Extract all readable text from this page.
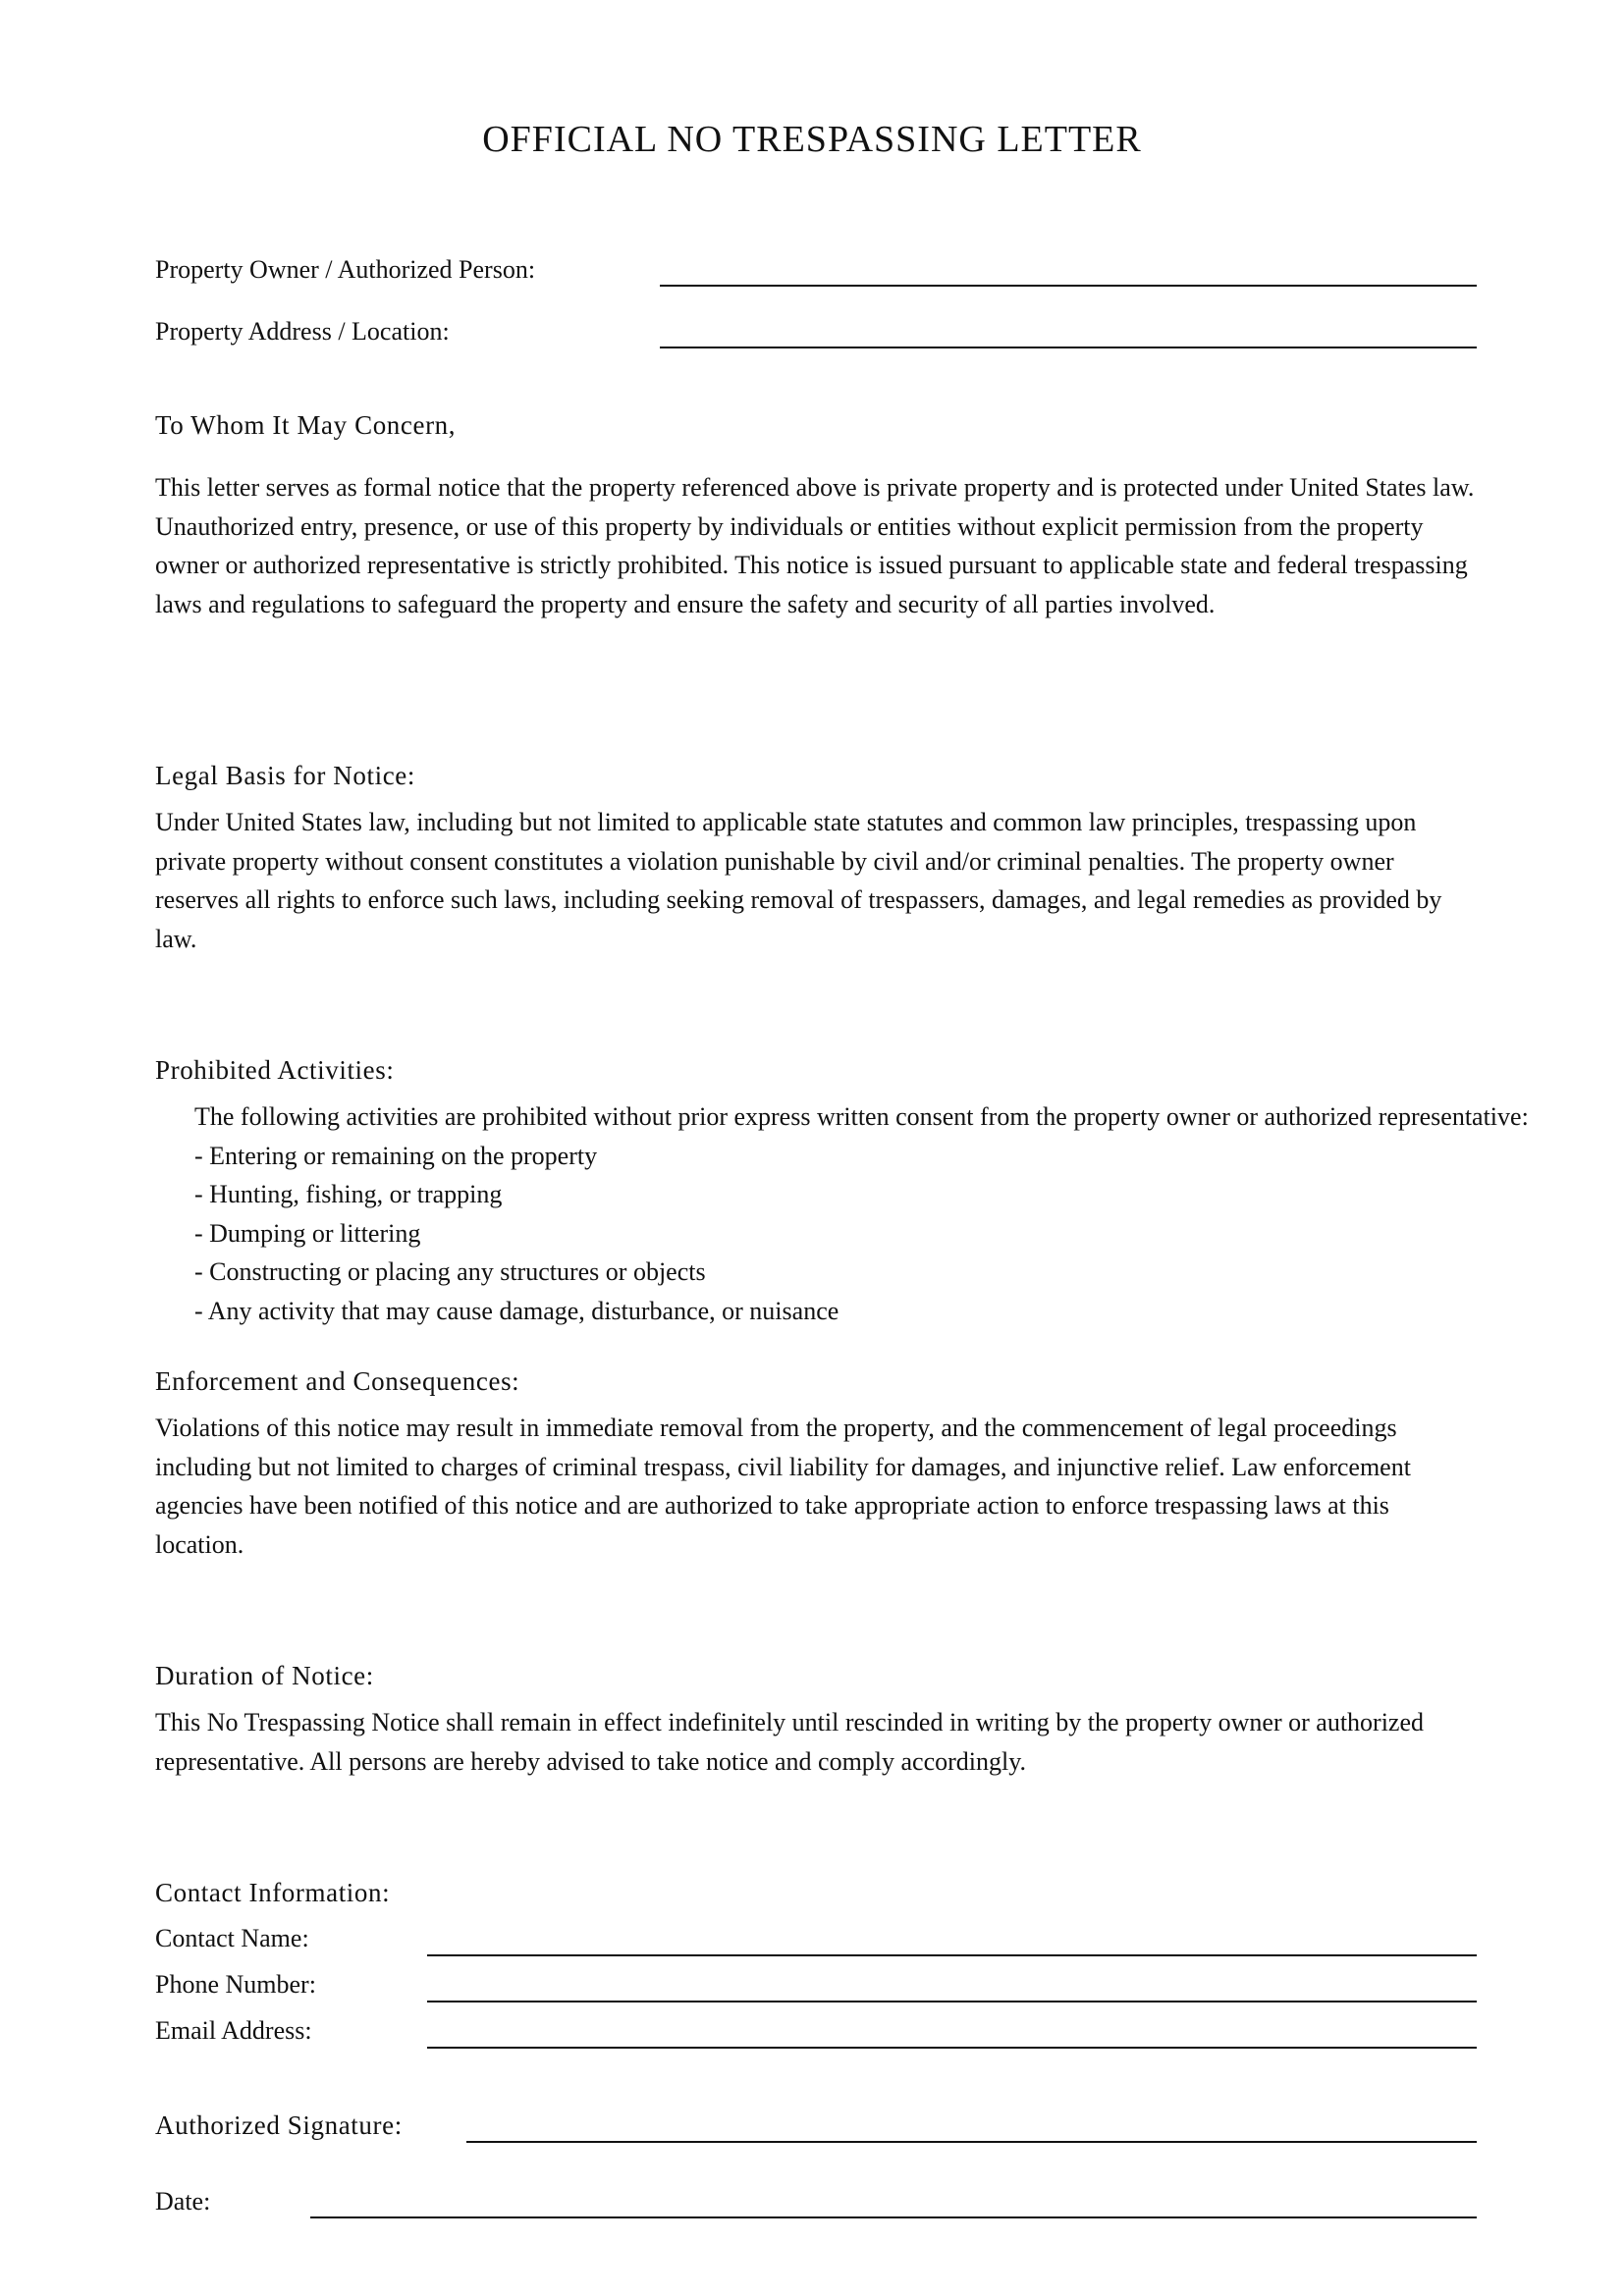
OFFICIAL NO TRESPASSING LETTER
Property Owner / Authorized Person:
Property Address / Location:
To Whom It May Concern,
This letter serves as formal notice that the property referenced above is private property and is protected under United States law. Unauthorized entry, presence, or use of this property by individuals or entities without explicit permission from the property owner or authorized representative is strictly prohibited. This notice is issued pursuant to applicable state and federal trespassing laws and regulations to safeguard the property and ensure the safety and security of all parties involved.
Legal Basis for Notice:
Under United States law, including but not limited to applicable state statutes and common law principles, trespassing upon private property without consent constitutes a violation punishable by civil and/or criminal penalties. The property owner reserves all rights to enforce such laws, including seeking removal of trespassers, damages, and legal remedies as provided by law.
Prohibited Activities:
The following activities are prohibited without prior express written consent from the property owner or authorized representative:
- Entering or remaining on the property
- Hunting, fishing, or trapping
- Dumping or littering
- Constructing or placing any structures or objects
- Any activity that may cause damage, disturbance, or nuisance
Enforcement and Consequences:
Violations of this notice may result in immediate removal from the property, and the commencement of legal proceedings including but not limited to charges of criminal trespass, civil liability for damages, and injunctive relief. Law enforcement agencies have been notified of this notice and are authorized to take appropriate action to enforce trespassing laws at this location.
Duration of Notice:
This No Trespassing Notice shall remain in effect indefinitely until rescinded in writing by the property owner or authorized representative. All persons are hereby advised to take notice and comply accordingly.
Contact Information:
Contact Name:
Phone Number:
Email Address:
Authorized Signature:
Date:
